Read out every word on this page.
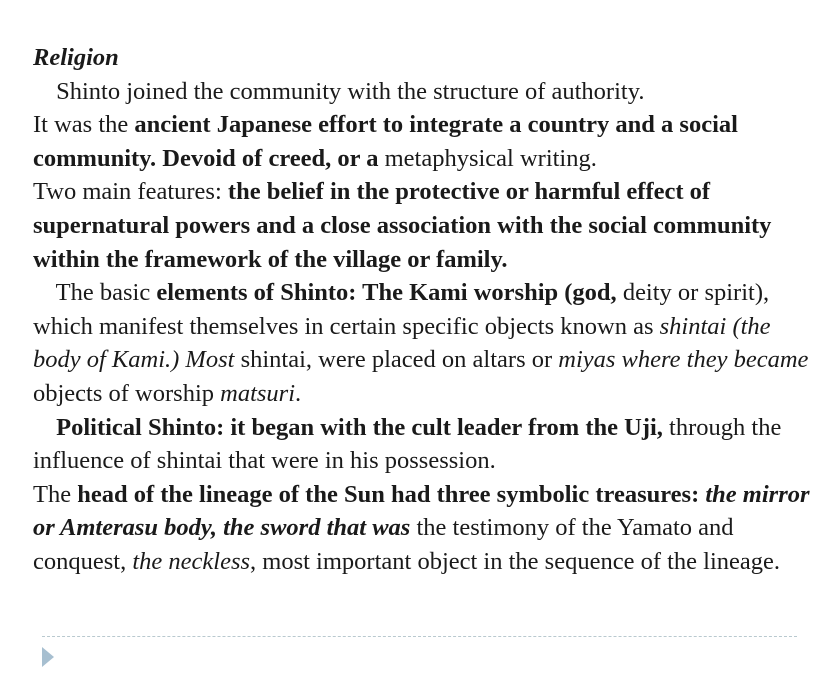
Religion

Shinto joined the community with the structure of authority.

It was the ancient Japanese effort to integrate a country and a social community. Devoid of creed, or a metaphysical writing.

Two main features: the belief in the protective or harmful effect of supernatural powers and a close association with the social community within the framework of the village or family.

The basic elements of Shinto: The Kami worship (god, deity or spirit), which manifest themselves in certain specific objects known as shintai (the body of Kami.) Most shintai, were placed on altars or miyas where they became objects of worship matsuri.

Political Shinto: it began with the cult leader from the Uji, through the influence of shintai that were in his possession.

The head of the lineage of the Sun had three symbolic treasures: the mirror or Amterasu body, the sword that was the testimony of the Yamato and conquest, the neckless, most important object in the sequence of the lineage.
